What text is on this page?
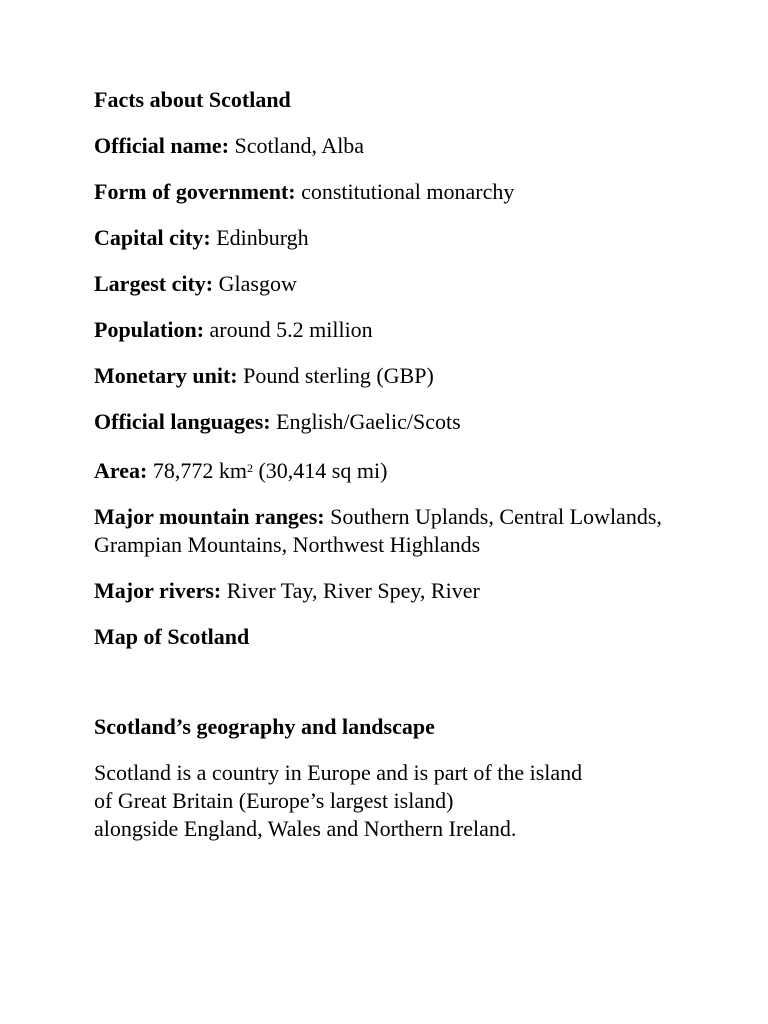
Facts about Scotland
Official name: Scotland, Alba
Form of government: constitutional monarchy
Capital city: Edinburgh
Largest city: Glasgow
Population: around 5.2 million
Monetary unit: Pound sterling (GBP)
Official languages: English/Gaelic/Scots
Area: 78,772 $km^2$ (30,414 sq mi)
Major mountain ranges: Southern Uplands, Central Lowlands, Grampian Mountains, Northwest Highlands
Major rivers: River Tay, River Spey, River
Map of Scotland
Scotland’s geography and landscape
Scotland is a country in Europe and is part of the island
of Great Britain (Europe’s largest island)
alongside England, Wales and Northern Ireland.
